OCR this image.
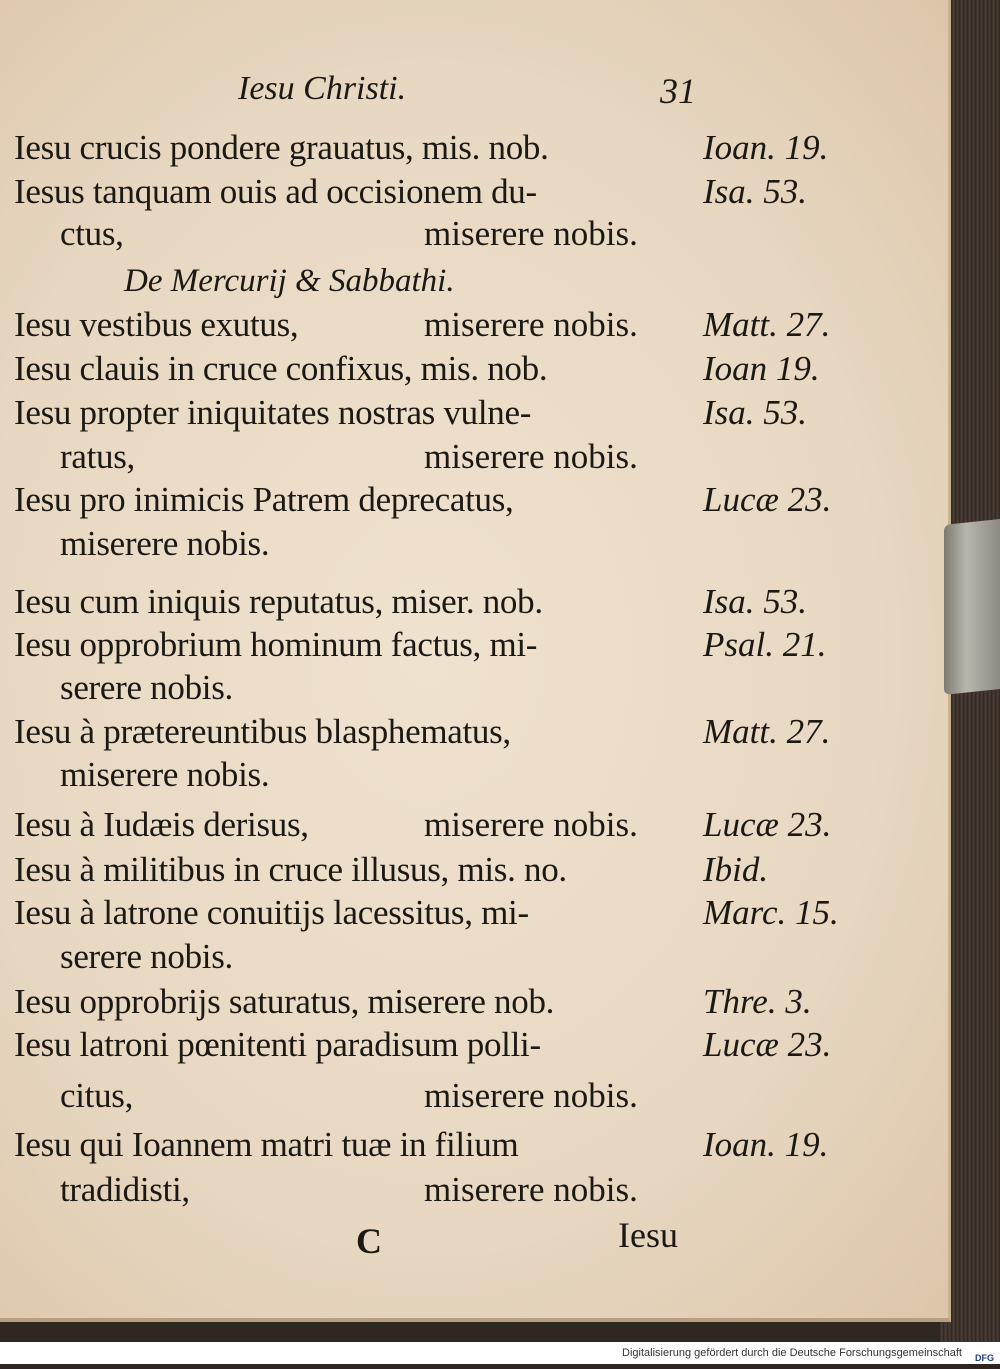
Iesu Christi.	31
De Mercurij & Sabbathi.
Iesu crucis pondere grauatus, mis. nob.	Ioan. 19.
Iesus tanquam ouis ad occisionem du-	Isa. 53.
ctus,	miserere nobis.
Iesu vestibus exutus,	miserere nobis. Matt. 27.
Iesu clauis in cruce confixus, mis. nob.	Ioan 19.
Iesu propter iniquitates nostras vulne-	Isa. 53.
ratus,	miserere nobis.
Iesu pro inimicis Patrem deprecatus,	Lucæ 23.
miserere nobis.
Iesu cum iniquis reputatus, miser. nob.	Isa. 53.
Iesu opprobrium hominum factus, mi-	Psal. 21.
serere nobis.
Iesu à prætereuntibus blasphematus,	Matt. 27.
miserere nobis.
Iesu à Iudæis derisus,	miserere nobis. Lucæ 23.
Iesu à militibus in cruce illusus, mis. no.	Ibid.
Iesu à latrone conuitijs lacessitus, mi-	Marc. 15.
serere nobis.
Iesu opprobrijs saturatus, miserere nob.	Thre. 3.
Iesu latroni pœnitenti paradisum polli-	Lucæ 23.
citus,	miserere nobis.
Iesu qui Ioannem matri tuæ in filium	Ioan. 19.
tradidisti,	miserere nobis.
C	Iesu
Digitalisierung gefördert durch die Deutsche Forschungsgemeinschaft DFG
